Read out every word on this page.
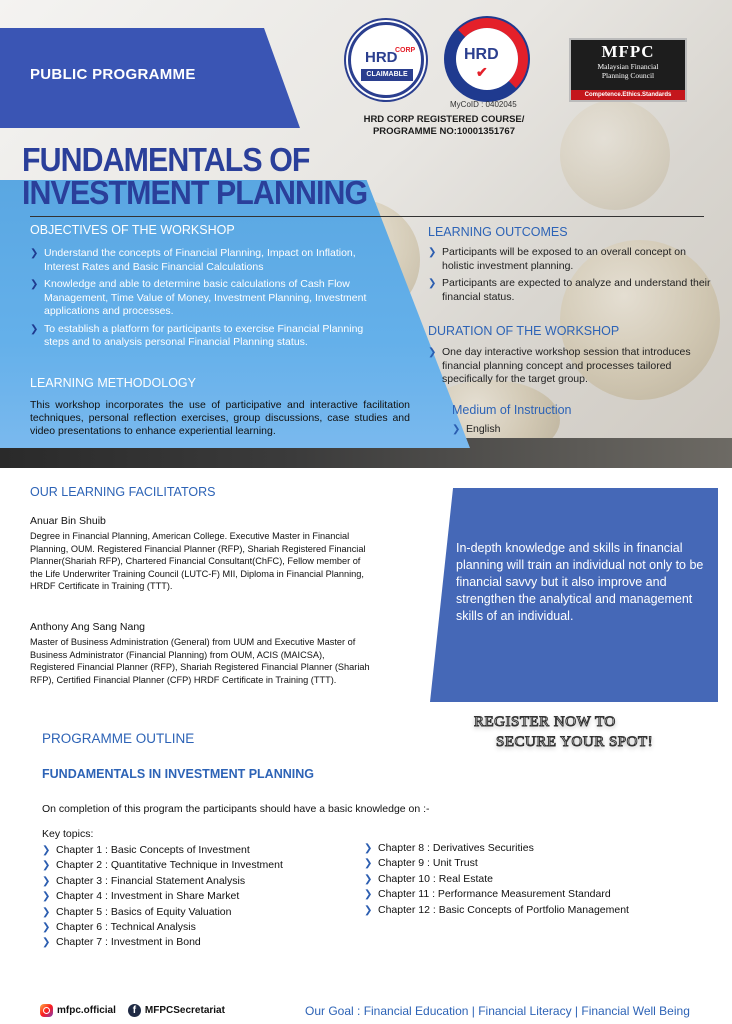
PUBLIC PROGRAMME
HRD
CORP
CLAIMABLE
HRD
✔
MyCoID : 0402045
HRD CORP REGISTERED COURSE/
PROGRAMME NO:10001351767
MFPC
Malaysian Financial
Planning Council
Competence.Ethics.Standards
FUNDAMENTALS OF
INVESTMENT PLANNING
OBJECTIVES OF THE WORKSHOP
❯ Understand the concepts of Financial Planning, Impact on Inflation, Interest Rates and Basic Financial Calculations
❯ Knowledge and able to determine basic calculations of Cash Flow Management, Time Value of Money, Investment Planning, Investment applications and processes.
❯ To establish a platform for participants to exercise Financial Planning steps and to analysis personal Financial Planning status.
LEARNING METHODOLOGY
This workshop incorporates the use of participative and interactive facilitation techniques, personal reflection exercises, group discussions, case studies and video presentations to enhance experiential learning.
LEARNING OUTCOMES
❯ Participants will be exposed to an overall concept on holistic investment planning.
❯ Participants are expected to analyze and understand their financial status.
DURATION OF THE WORKSHOP
❯ One day interactive workshop session that introduces financial planning concept and processes tailored specifically for the target group.
Medium of Instruction
❯ English
OUR LEARNING FACILITATORS
Anuar Bin Shuib
Degree in Financial Planning, American College. Executive Master in Financial Planning, OUM. Registered Financial Planner (RFP), Shariah Registered Financial Planner(Shariah RFP), Chartered Financial Consultant(ChFC), Fellow member of the Life Underwriter Training Council (LUTC-F) MII, Diploma in Financial Planning, HRDF Certificate in Training (TTT).
Anthony Ang Sang Nang
Master of Business Administration (General) from UUM and Executive Master of Business Administrator (Financial Planning) from OUM, ACIS (MAICSA), Registered Financial Planner (RFP), Shariah Registered Financial Planner (Shariah RFP), Certified Financial Planner (CFP) HRDF Certificate in Training (TTT).
In-depth knowledge and skills in financial planning will train an individual not only to be financial savvy but it also improve and strengthen the analytical and management skills of an individual.
REGISTER NOW TO
SECURE YOUR SPOT!
PROGRAMME OUTLINE
FUNDAMENTALS IN INVESTMENT PLANNING
On completion of this program the participants should have a basic knowledge on :-
Key topics:
❯ Chapter 1 : Basic Concepts of Investment
❯ Chapter 2 : Quantitative Technique in Investment
❯ Chapter 3 : Financial Statement Analysis
❯ Chapter 4 : Investment in Share Market
❯ Chapter 5 : Basics of Equity Valuation
❯ Chapter 6 : Technical Analysis
❯ Chapter 7 : Investment in Bond
❯ Chapter 8 : Derivatives Securities
❯ Chapter 9 : Unit Trust
❯ Chapter 10 : Real Estate
❯ Chapter 11 : Performance Measurement Standard
❯ Chapter 12 : Basic Concepts of Portfolio Management
mfpc.official	f MFPCSecretariat	Our Goal : Financial Education | Financial Literacy | Financial Well Being
